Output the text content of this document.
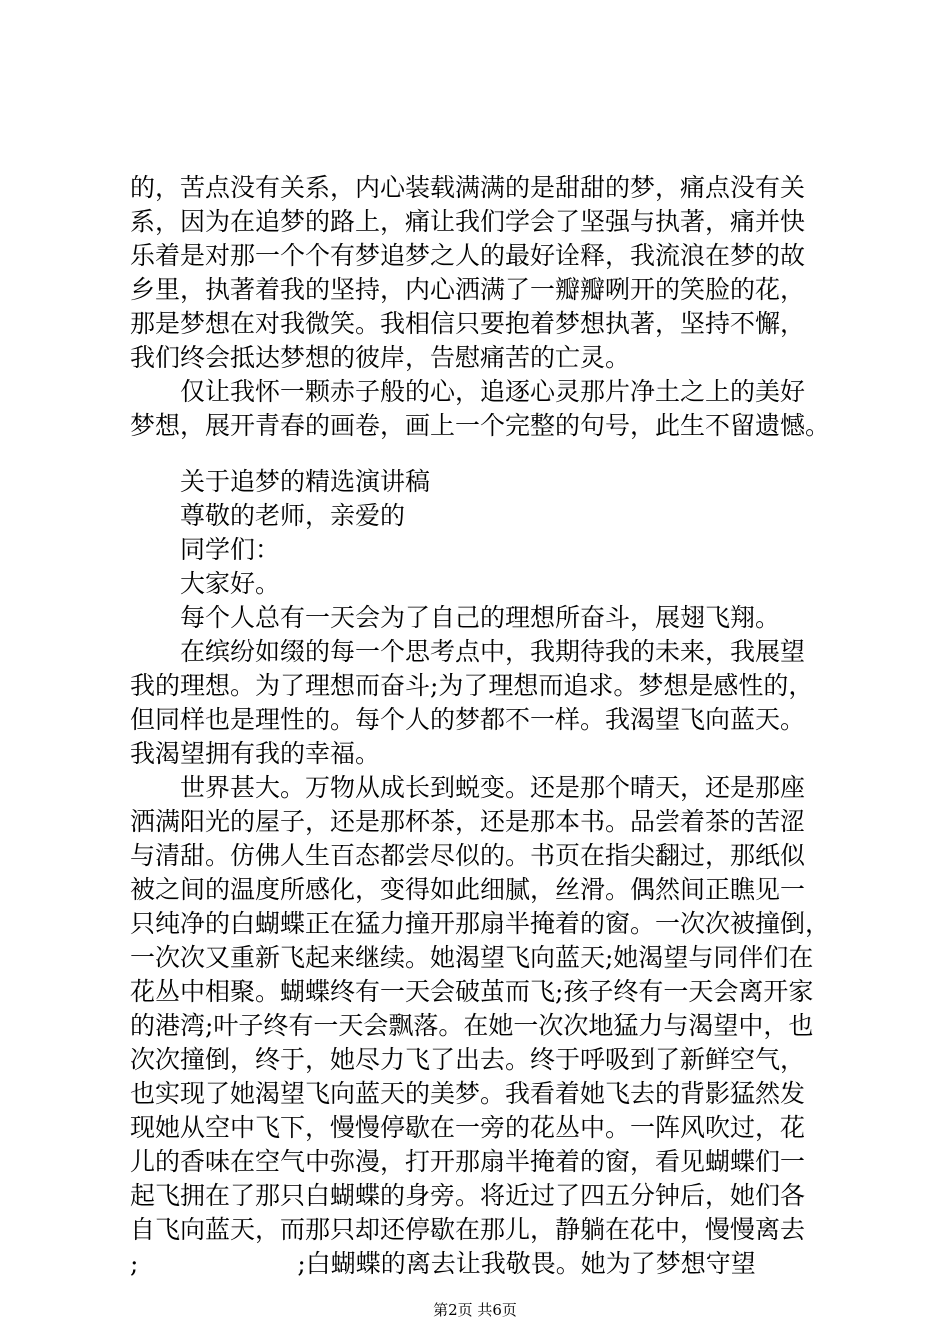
的，苦点没有关系，内心装载满满的是甜甜的梦，痛点没有关
系，因为在追梦的路上，痛让我们学会了坚强与执著，痛并快
乐着是对那一个个有梦追梦之人的最好诠释，我流浪在梦的故
乡里，执著着我的坚持，内心洒满了一瓣瓣咧开的笑脸的花，
那是梦想在对我微笑。我相信只要抱着梦想执著，坚持不懈，
我们终会抵达梦想的彼岸，告慰痛苦的亡灵。
仅让我怀一颗赤子般的心，追逐心灵那片净土之上的美好
梦想，展开青春的画卷，画上一个完整的句号，此生不留遗憾。
关于追梦的精选演讲稿
尊敬的老师，亲爱的
同学们：
大家好。
每个人总有一天会为了自己的理想所奋斗，展翅飞翔。
在缤纷如缀的每一个思考点中，我期待我的未来，我展望
我的理想。为了理想而奋斗;为了理想而追求。梦想是感性的，
但同样也是理性的。每个人的梦都不一样。我渴望飞向蓝天。
我渴望拥有我的幸福。
世界甚大。万物从成长到蜕变。还是那个晴天，还是那座
洒满阳光的屋子，还是那杯茶，还是那本书。品尝着茶的苦涩
与清甜。仿佛人生百态都尝尽似的。书页在指尖翻过，那纸似
被之间的温度所感化，变得如此细腻，丝滑。偶然间正瞧见一
只纯净的白蝴蝶正在猛力撞开那扇半掩着的窗。一次次被撞倒，
一次次又重新飞起来继续。她渴望飞向蓝天;她渴望与同伴们在
花丛中相聚。蝴蝶终有一天会破茧而飞;孩子终有一天会离开家
的港湾;叶子终有一天会飘落。在她一次次地猛力与渴望中，也
次次撞倒，终于，她尽力飞了出去。终于呼吸到了新鲜空气，
也实现了她渴望飞向蓝天的美梦。我看着她飞去的背影猛然发
现她从空中飞下，慢慢停歇在一旁的花丛中。一阵风吹过，花
儿的香味在空气中弥漫，打开那扇半掩着的窗，看见蝴蝶们一
起飞拥在了那只白蝴蝶的身旁。将近过了四五分钟后，她们各
自飞向蓝天，而那只却还停歇在那儿，静躺在花中，慢慢离去
;                    ;白蝴蝶的离去让我敬畏。她为了梦想守望
第2页 共6页
